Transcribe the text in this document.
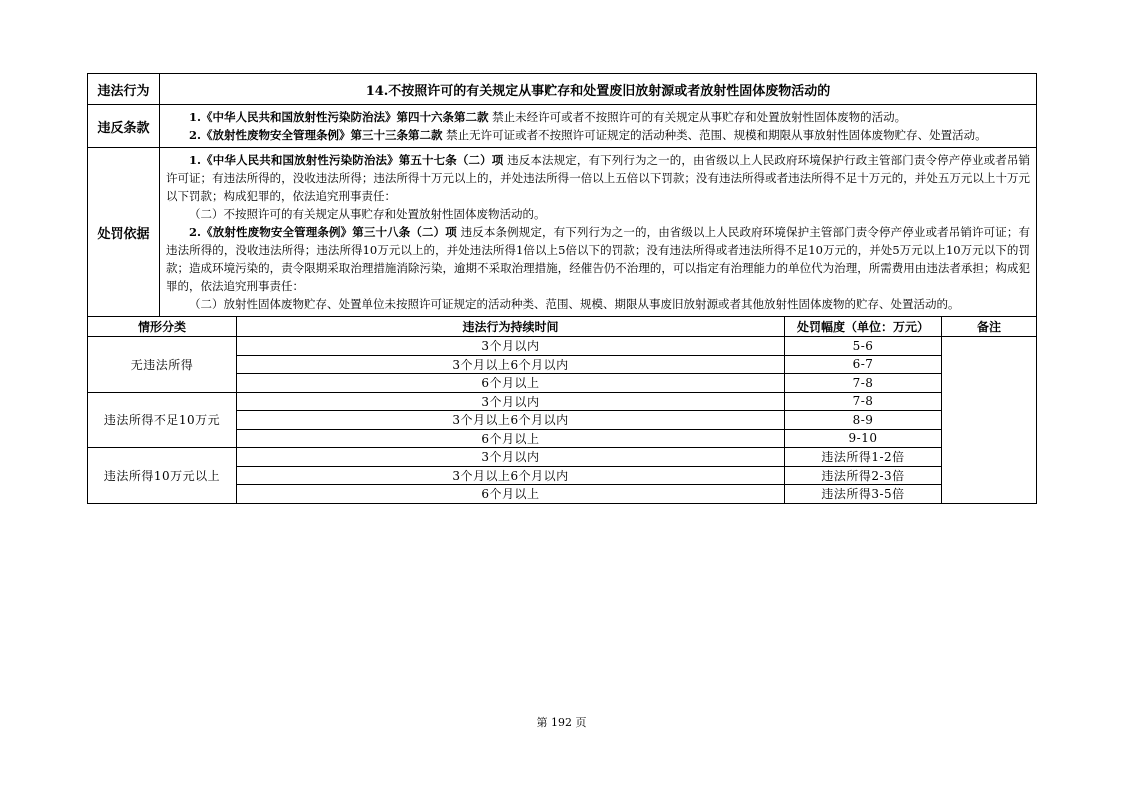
违法行为	14.不按照许可的有关规定从事贮存和处置废旧放射源或者放射性固体废物活动的			
违反条款	1.《中华人民共和国放射性污染防治法》第四十六条第二款 禁止未经许可或者不按照许可的有关规定从事贮存和处置放射性固体废物的活动。

2.《放射性废物安全管理条例》第三十三条第二款 禁止无许可证或者不按照许可证规定的活动种类、范围、规模和期限从事放射性固体废物贮存、处置活动。			

处罚依据	1.《中华人民共和国放射性污染防治法》第五十七条（二）项 违反本法规定，有下列行为之一的，由省级以上人民政府环境保护行政主管部门责令停产停业或者吊销许可证；有违法所得的，没收违法所得；违法所得十万元以上的，并处违法所得一倍以上五倍以下罚款；没有违法所得或者违法所得不足十万元的，并处五万元以上十万元以下罚款；构成犯罪的，依法追究刑事责任：

（二）不按照许可的有关规定从事贮存和处置放射性固体废物活动的。

2.《放射性废物安全管理条例》第三十八条（二）项 违反本条例规定，有下列行为之一的，由省级以上人民政府环境保护主管部门责令停产停业或者吊销许可证；有违法所得的，没收违法所得；违法所得10万元以上的，并处违法所得1倍以上5倍以下的罚款；没有违法所得或者违法所得不足10万元的，并处5万元以上10万元以下的罚款；造成环境污染的，责令限期采取治理措施消除污染，逾期不采取治理措施，经催告仍不治理的，可以指定有治理能力的单位代为治理，所需费用由违法者承担；构成犯罪的，依法追究刑事责任：

（二）放射性固体废物贮存、处置单位未按照许可证规定的活动种类、范围、规模、期限从事废旧放射源或者其他放射性固体废物的贮存、处置活动的。			

情形分类		违法行为持续时间	处罚幅度（单位：万元）	备注
无违法所得		3个月以内	5-6	
		3个月以上6个月以内	6-7	
		6个月以上	7-8	
违法所得不足10万元		3个月以内	7-8	
		3个月以上6个月以内	8-9	
		6个月以上	9-10	
违法所得10万元以上		3个月以内	违法所得1-2倍	
		3个月以上6个月以内	违法所得2-3倍	
		6个月以上	违法所得3-5倍	
第 192 页
